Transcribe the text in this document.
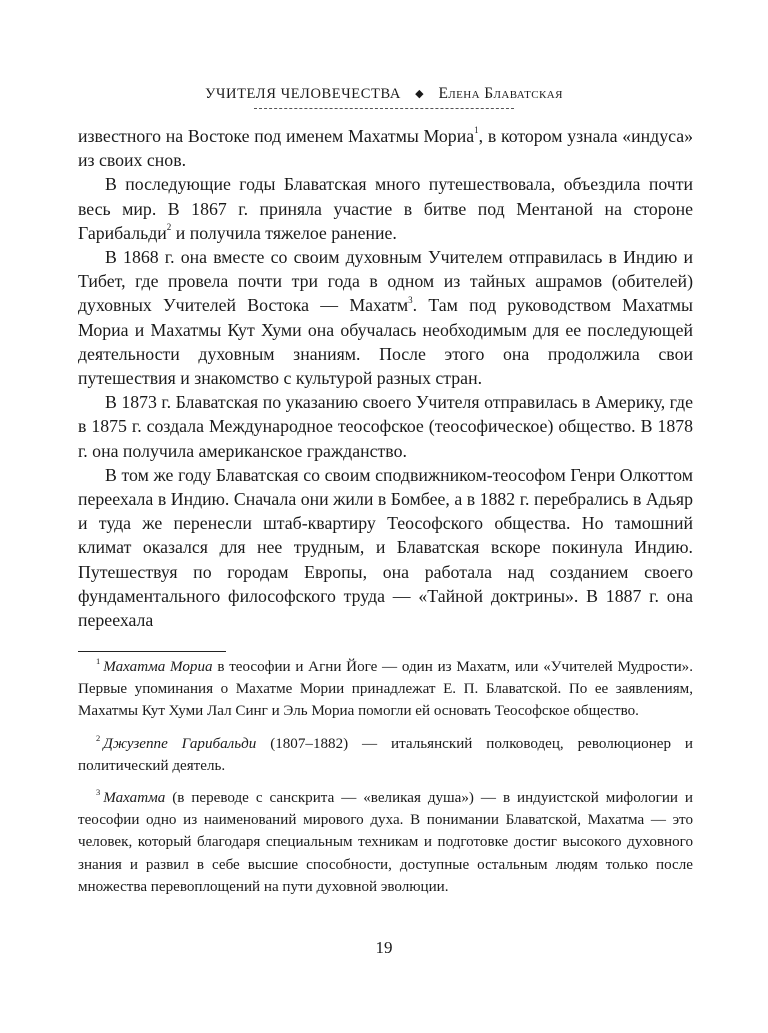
УЧИТЕЛЯ ЧЕЛОВЕЧЕСТВА ◆ Елена Блаватская

известного на Востоке под именем Махатмы Мориа$^1$, в котором узнала «индуса» из своих снов.

В последующие годы Блаватская много путешествовала, объездила почти весь мир. В 1867 г. приняла участие в битве под Ментаной на стороне Гарибальди$^2$ и получила тяжелое ранение.

В 1868 г. она вместе со своим духовным Учителем отправилась в Индию и Тибет, где провела почти три года в одном из тайных ашрамов (обителей) духовных Учителей Востока — Махатм$^3$. Там под руководством Махатмы Мориа и Махатмы Кут Хуми она обучалась необходимым для ее последующей деятельности духовным знаниям. После этого она продолжила свои путешествия и знакомство с культурой разных стран.

В 1873 г. Блаватская по указанию своего Учителя отправилась в Америку, где в 1875 г. создала Международное теософское (теософическое) общество. В 1878 г. она получила американское гражданство.

В том же году Блаватская со своим сподвижником-теософом Генри Олкоттом переехала в Индию. Сначала они жили в Бомбее, а в 1882 г. перебрались в Адьяр и туда же перенесли штаб-квартиру Теософского общества. Но тамошний климат оказался для нее трудным, и Блаватская вскоре покинула Индию. Путешествуя по городам Европы, она работала над созданием своего фундаментального философского труда — «Тайной доктрины». В 1887 г. она переехала

$^1$ Махатма Мориа в теософии и Агни Йоге — один из Махатм, или «Учителей Мудрости». Первые упоминания о Махатме Мории принадлежат Е. П. Блаватской. По ее заявлениям, Махатмы Кут Хуми Лал Синг и Эль Мориа помогли ей основать Теософское общество.

$^2$ Джузеппе Гарибальди (1807–1882) — итальянский полководец, революционер и политический деятель.

$^3$ Махатма (в переводе с санскрита — «великая душа») — в индуистской мифологии и теософии одно из наименований мирового духа. В понимании Блаватской, Махатма — это человек, который благодаря специальным техникам и подготовке достиг высокого духовного знания и развил в себе высшие способности, доступные остальным людям только после множества перевоплощений на пути духовной эволюции.

19
